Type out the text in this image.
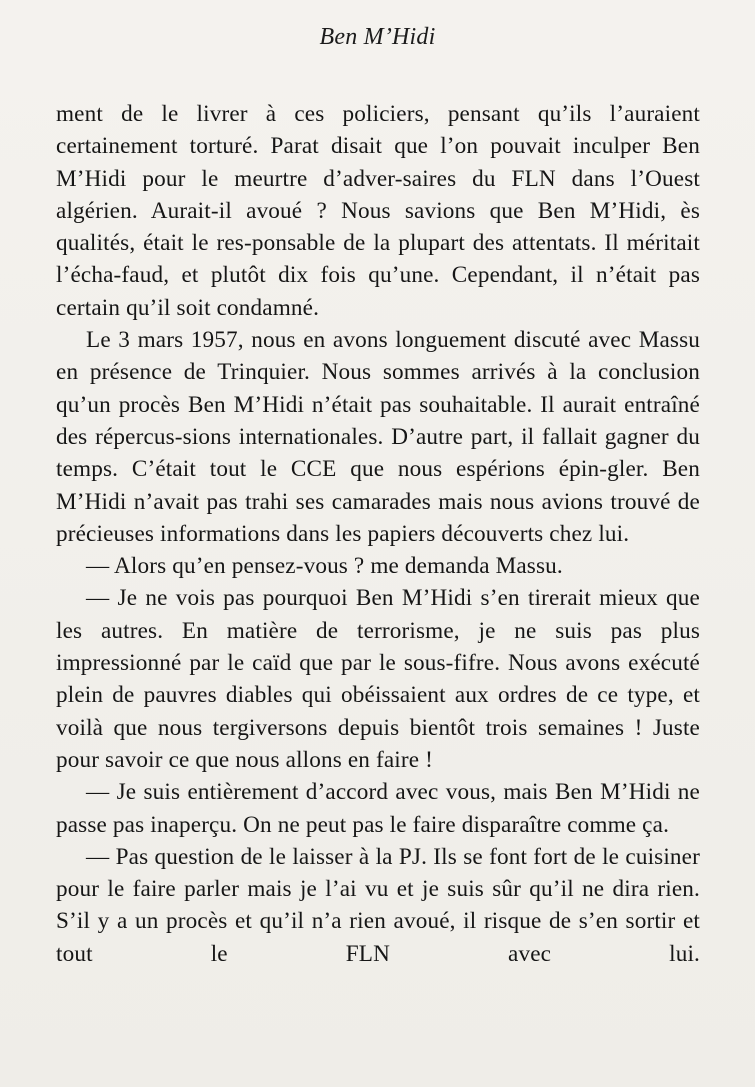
Ben M’Hidi

ment de le livrer à ces policiers, pensant qu’ils l’auraient certainement torturé. Parat disait que l’on pouvait inculper Ben M’Hidi pour le meurtre d’adver-saires du FLN dans l’Ouest algérien. Aurait-il avoué ? Nous savions que Ben M’Hidi, ès qualités, était le res-ponsable de la plupart des attentats. Il méritait l’écha-faud, et plutôt dix fois qu’une. Cependant, il n’était pas certain qu’il soit condamné.

Le 3 mars 1957, nous en avons longuement discuté avec Massu en présence de Trinquier. Nous sommes arrivés à la conclusion qu’un procès Ben M’Hidi n’était pas souhaitable. Il aurait entraîné des répercus-sions internationales. D’autre part, il fallait gagner du temps. C’était tout le CCE que nous espérions épin-gler. Ben M’Hidi n’avait pas trahi ses camarades mais nous avions trouvé de précieuses informations dans les papiers découverts chez lui.

— Alors qu’en pensez-vous ? me demanda Massu.

— Je ne vois pas pourquoi Ben M’Hidi s’en tirerait mieux que les autres. En matière de terrorisme, je ne suis pas plus impressionné par le caïd que par le sous-fifre. Nous avons exécuté plein de pauvres diables qui obéissaient aux ordres de ce type, et voilà que nous tergiversons depuis bientôt trois semaines ! Juste pour savoir ce que nous allons en faire !

— Je suis entièrement d’accord avec vous, mais Ben M’Hidi ne passe pas inaperçu. On ne peut pas le faire disparaître comme ça.

— Pas question de le laisser à la PJ. Ils se font fort de le cuisiner pour le faire parler mais je l’ai vu et je suis sûr qu’il ne dira rien. S’il y a un procès et qu’il n’a rien avoué, il risque de s’en sortir et tout le FLN avec lui.
